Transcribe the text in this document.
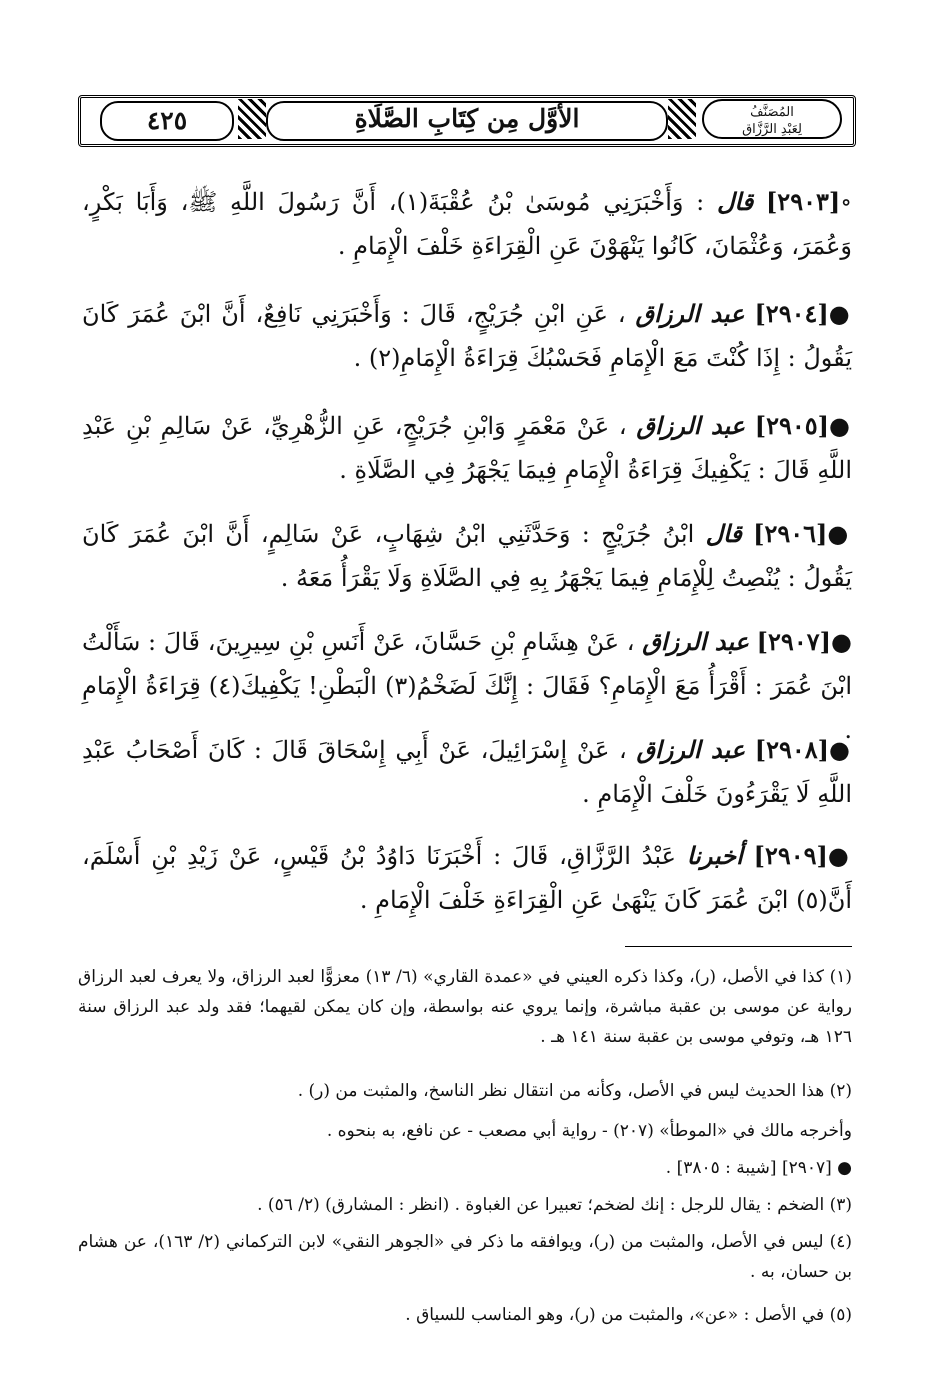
الأوَّل مِن كِتَابِ الصَّلَاةِ
٤٢٥	المُصَنَّفُ
لِعَبْدِ الرَّزَّاقِ

∘[٢٩٠٣] قال : وَأَخْبَرَنِي مُوسَىٰ بْنُ عُقْبَةَ(١)، أَنَّ رَسُولَ اللَّهِ ﷺ، وَأَبَا بَكْرٍ، وَعُمَرَ، وَعُثْمَانَ، كَانُوا يَنْهَوْنَ عَنِ الْقِرَاءَةِ خَلْفَ الْإِمَامِ .

●[٢٩٠٤] عبد الرزاق ، عَنِ ابْنِ جُرَيْجٍ، قَالَ : وَأَخْبَرَنِي نَافِعٌ، أَنَّ ابْنَ عُمَرَ كَانَ يَقُولُ : إِذَا كُنْتَ مَعَ الْإِمَامِ فَحَسْبُكَ قِرَاءَةُ الْإِمَامِ(٢) .

●[٢٩٠٥] عبد الرزاق ، عَنْ مَعْمَرٍ وَابْنِ جُرَيْجٍ، عَنِ الزُّهْرِيِّ، عَنْ سَالِمِ بْنِ عَبْدِ اللَّهِ قَالَ : يَكْفِيكَ قِرَاءَةُ الْإِمَامِ فِيمَا يَجْهَرُ فِي الصَّلَاةِ .

●[٢٩٠٦] قال ابْنُ جُرَيْجٍ : وَحَدَّثَنِي ابْنُ شِهَابٍ، عَنْ سَالِمٍ، أَنَّ ابْنَ عُمَرَ كَانَ يَقُولُ : يُنْصِتُ لِلْإِمَامِ فِيمَا يَجْهَرُ بِهِ فِي الصَّلَاةِ وَلَا يَقْرَأُ مَعَهُ .

●[٢٩٠٧] عبد الرزاق ، عَنْ هِشَامِ بْنِ حَسَّانَ، عَنْ أَنَسِ بْنِ سِيرِينَ، قَالَ : سَأَلْتُ ابْنَ عُمَرَ : أَقْرَأُ مَعَ الْإِمَامِ؟ فَقَالَ : إِنَّكَ لَضَخْمُ(٣) الْبَطْنِ! يَكْفِيكَ(٤) قِرَاءَةُ الْإِمَامِ .

●[٢٩٠٨] عبد الرزاق ، عَنْ إِسْرَائِيلَ، عَنْ أَبِي إِسْحَاقَ قَالَ : كَانَ أَصْحَابُ عَبْدِ اللَّهِ لَا يَقْرَءُونَ خَلْفَ الْإِمَامِ .

●[٢٩٠٩] أخبرنا عَبْدُ الرَّزَّاقِ، قَالَ : أَخْبَرَنَا دَاوُدُ بْنُ قَيْسٍ، عَنْ زَيْدِ بْنِ أَسْلَمَ، أَنَّ(٥) ابْنَ عُمَرَ كَانَ يَنْهَىٰ عَنِ الْقِرَاءَةِ خَلْفَ الْإِمَامِ .

(١) كذا في الأصل، (ر)، وكذا ذكره العيني في «عمدة القاري» (٦/ ١٣) معزوًّا لعبد الرزاق، ولا يعرف لعبد الرزاق رواية عن موسى بن عقبة مباشرة، وإنما يروي عنه بواسطة، وإن كان يمكن لقيهما؛ فقد ولد عبد الرزاق سنة ١٢٦ هـ، وتوفي موسى بن عقبة سنة ١٤١ هـ .

(٢) هذا الحديث ليس في الأصل، وكأنه من انتقال نظر الناسخ، والمثبت من (ر) .

وأخرجه مالك في «الموطأ» (٢٠٧) - رواية أبي مصعب - عن نافع، به بنحوه .

● [٢٩٠٧] [شيبة : ٣٨٠٥] .

(٣) الضخم : يقال للرجل : إنك لضخم؛ تعبيرا عن الغباوة . (انظر : المشارق) (٢/ ٥٦) .

(٤) ليس في الأصل، والمثبت من (ر)، ويوافقه ما ذكر في «الجوهر النقي» لابن التركماني (٢/ ١٦٣)، عن هشام بن حسان، به .

(٥) في الأصل : «عن»، والمثبت من (ر)، وهو المناسب للسياق .
